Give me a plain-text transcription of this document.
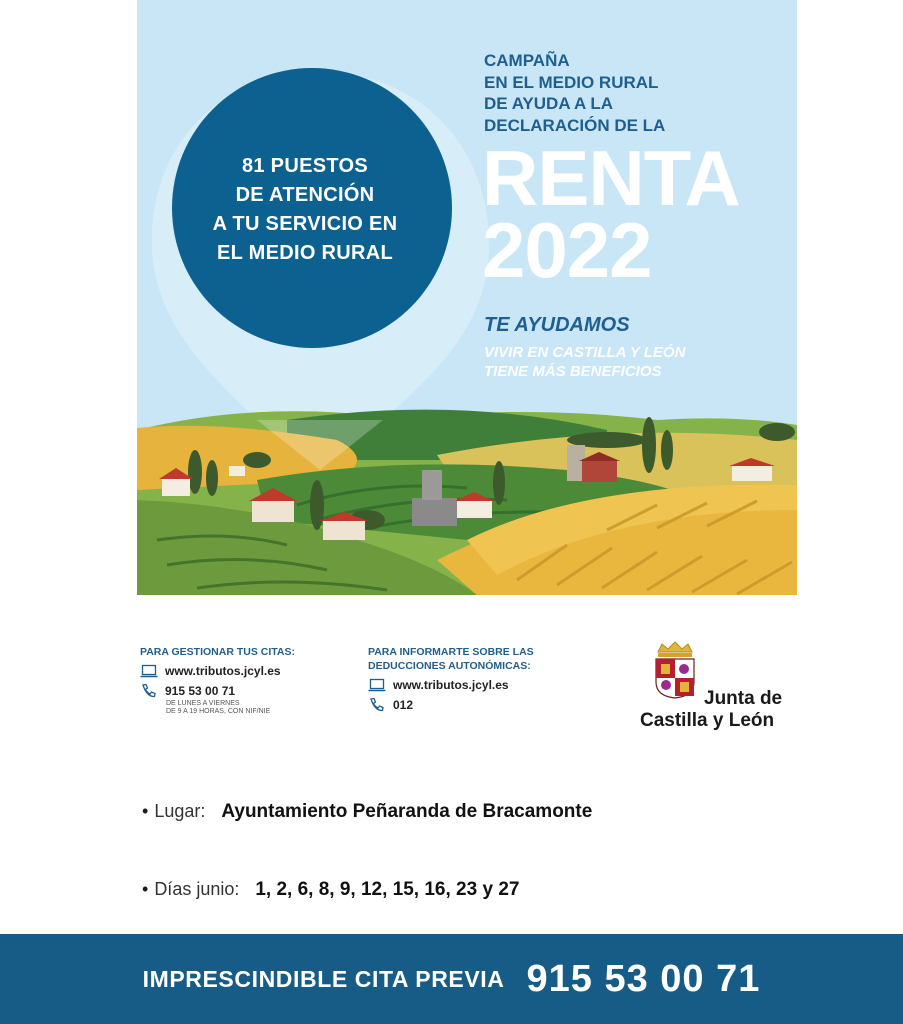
81 PUESTOS
DE ATENCIÓN
A TU SERVICIO EN
EL MEDIO RURAL
CAMPAÑA
EN EL MEDIO RURAL
DE AYUDA A LA
DECLARACIÓN DE LA
RENTA
2022
TE AYUDAMOS
VIVIR EN CASTILLA Y LEÓN
TIENE MÁS BENEFICIOS
PARA GESTIONAR TUS CITAS:
www.tributos.jcyl.es
915 53 00 71
DE LUNES A VIERNES
DE 9 A 19 HORAS, CON NIF/NIE
PARA INFORMARTE SOBRE LAS
DEDUCCIONES AUTONÓMICAS:
www.tributos.jcyl.es
012	Junta de
Castilla y León
• Lugar: Ayuntamiento Peñaranda de Bracamonte
• Días junio: 1, 2, 6, 8, 9, 12, 15, 16, 23 y 27
IMPRESCINDIBLE CITA PREVIA 915 53 00 71
